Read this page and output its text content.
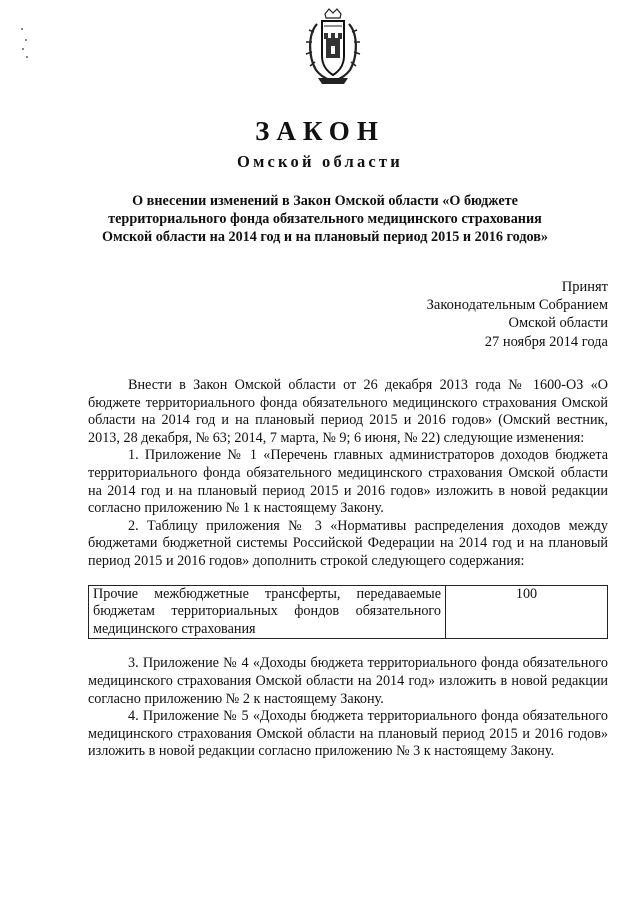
ЗАКОН
Омской области
О внесении изменений в Закон Омской области «О бюджете территориального фонда обязательного медицинского страхования Омской области на 2014 год и на плановый период 2015 и 2016 годов»
Принят
Законодательным Собранием
Омской области
27 ноября 2014 года

Внести в Закон Омской области от 26 декабря 2013 года № 1600-ОЗ «О бюджете территориального фонда обязательного медицинского страхования Омской области на 2014 год и на плановый период 2015 и 2016 годов» (Омский вестник, 2013, 28 декабря, № 63; 2014, 7 марта, № 9; 6 июня, № 22) следующие изменения:

1. Приложение № 1 «Перечень главных администраторов доходов бюджета территориального фонда обязательного медицинского страхования Омской области на 2014 год и на плановый период 2015 и 2016 годов» изложить в новой редакции согласно приложению № 1 к настоящему Закону.

2. Таблицу приложения № 3 «Нормативы распределения доходов между бюджетами бюджетной системы Российской Федерации на 2014 год и на плановый период 2015 и 2016 годов» дополнить строкой следующего содержания:

Прочие межбюджетные трансферты, передаваемые бюджетам территориальных фондов обязательного медицинского страхования	100

3. Приложение № 4 «Доходы бюджета территориального фонда обязательного медицинского страхования Омской области на 2014 год» изложить в новой редакции согласно приложению № 2 к настоящему Закону.

4. Приложение № 5 «Доходы бюджета территориального фонда обязательного медицинского страхования Омской области на плановый период 2015 и 2016 годов» изложить в новой редакции согласно приложению № 3 к настоящему Закону.
